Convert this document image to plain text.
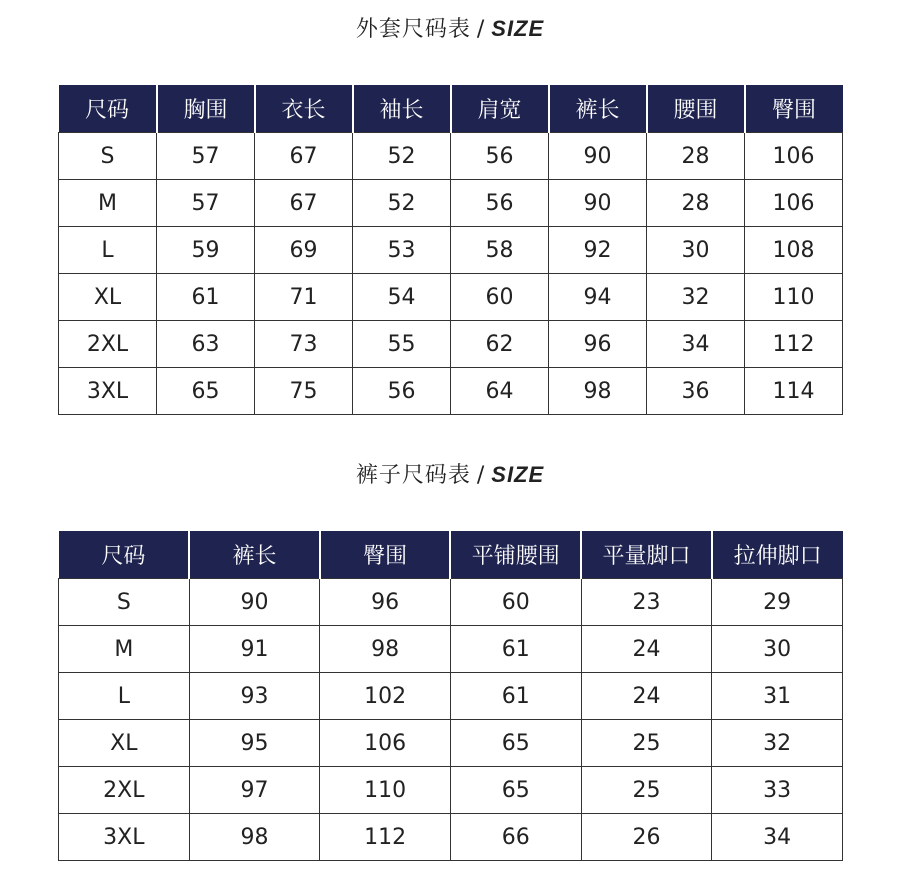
外套尺码表 / SIZE
尺码	胸围	衣长	袖长	肩宽	裤长	腰围	臀围
S	57	67	52	56	90	28	106
M	57	67	52	56	90	28	106
L	59	69	53	58	92	30	108
XL	61	71	54	60	94	32	110
2XL	63	73	55	62	96	34	112
3XL	65	75	56	64	98	36	114
裤子尺码表 / SIZE
尺码	裤长	臀围	平铺腰围	平量脚口	拉伸脚口
S	90	96	60	23	29
M	91	98	61	24	30
L	93	102	61	24	31
XL	95	106	65	25	32
2XL	97	110	65	25	33
3XL	98	112	66	26	34
